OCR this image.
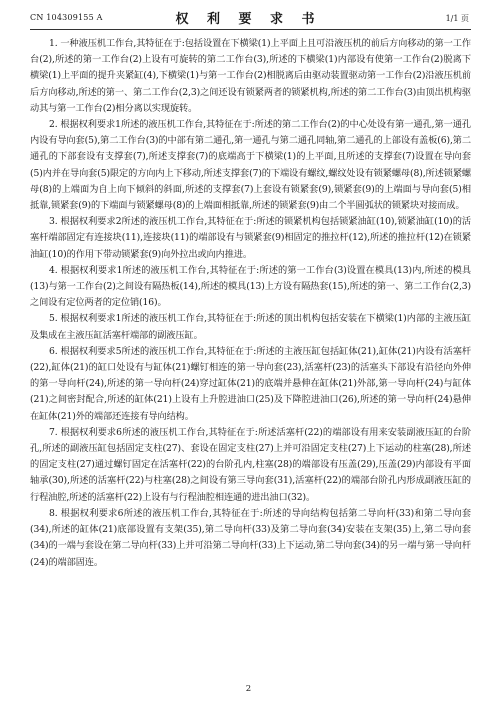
CN 104309155 A	权 利 要 求 书	1/1 页

1. 一种液压机工作台,其特征在于:包括设置在下横梁(1)上平面上且可沿液压机的前后方向移动的第一工作台(2),所述的第一工作台(2)上设有可旋转的第二工作台(3),所述的下横梁(1)内部设有使第一工作台(2)脱离下横梁(1)上平面的提升夹紧缸(4),下横梁(1)与第一工作台(2)相脱离后由驱动装置驱动第一工作台(2)沿液压机前后方向移动,所述的第一、第二工作台(2,3)之间还设有锁紧两者的锁紧机构,所述的第二工作台(3)由顶出机构驱动其与第一工作台(2)相分离以实现旋转。

2. 根据权利要求1所述的液压机工作台,其特征在于:所述的第二工作台(2)的中心处设有第一通孔,第一通孔内设有导向套(5),第二工作台(3)的中部有第二通孔,第一通孔与第二通孔同轴,第二通孔的上部设有盖板(6),第二通孔的下部套设有支撑套(7),所述支撑套(7)的底端高于下横梁(1)的上平面,且所述的支撑套(7)设置在导向套(5)内并在导向套(5)限定的方向内上下移动,所述支撑套(7)的下端设有螺纹,螺纹处设有锁紧螺母(8),所述锁紧螺母(8)的上端面为自上向下倾斜的斜面,所述的支撑套(7)上套设有锁紧套(9),锁紧套(9)的上端面与导向套(5)相抵靠,锁紧套(9)的下端面与锁紧螺母(8)的上端面相抵靠,所述的锁紧套(9)由二个半圆弧状的锁紧块对接而成。

3. 根据权利要求2所述的液压机工作台,其特征在于:所述的锁紧机构包括锁紧油缸(10),锁紧油缸(10)的活塞杆端部固定有连接块(11),连接块(11)的端部设有与锁紧套(9)相固定的推拉杆(12),所述的推拉杆(12)在锁紧油缸(10)的作用下带动锁紧套(9)向外拉出或向内推进。

4. 根据权利要求1所述的液压机工作台,其特征在于:所述的第一工作台(3)设置在模具(13)内,所述的模具(13)与第一工作台(2)之间设有隔热板(14),所述的模具(13)上方设有隔热套(15),所述的第一、第二工作台(2,3)之间设有定位两者的定位销(16)。

5. 根据权利要求1所述的液压机工作台,其特征在于:所述的顶出机构包括安装在下横梁(1)内部的主液压缸及集成在主液压缸活塞杆端部的副液压缸。

6. 根据权利要求5所述的液压机工作台,其特征在于:所述的主液压缸包括缸体(21),缸体(21)内设有活塞杆(22),缸体(21)的缸口处设有与缸体(21)螺钉相连的第一导向套(23),活塞杆(23)的活塞头下部设有沿径向外伸的第一导向杆(24),所述的第一导向杆(24)穿过缸体(21)的底端并悬伸在缸体(21)外部,第一导向杆(24)与缸体(21)之间密封配合,所述的缸体(21)上设有上升腔进油口(25)及下降腔进油口(26),所述的第一导向杆(24)悬伸在缸体(21)外的端部还连接有导向结构。

7. 根据权利要求6所述的液压机工作台,其特征在于:所述活塞杆(22)的端部设有用来安装副液压缸的台阶孔,所述的副液压缸包括固定支柱(27)、套设在固定支柱(27)上并可沿固定支柱(27)上下运动的柱塞(28),所述的固定支柱(27)通过螺钉固定在活塞杆(22)的台阶孔内,柱塞(28)的端部设有压盖(29),压盖(29)内部设有平面轴承(30),所述的活塞杆(22)与柱塞(28)之间设有第三导向套(31),活塞杆(22)的端部台阶孔内形成副液压缸的行程油腔,所述的活塞杆(22)上设有与行程油腔相连通的进出油口(32)。

8. 根据权利要求6所述的液压机工作台,其特征在于:所述的导向结构包括第二导向杆(33)和第二导向套(34),所述的缸体(21)底部设置有支架(35),第二导向杆(33)及第二导向套(34)安装在支架(35)上,第二导向套(34)的一端与套设在第二导向杆(33)上并可沿第二导向杆(33)上下运动,第二导向套(34)的另一端与第一导向杆(24)的端部固连。

2
